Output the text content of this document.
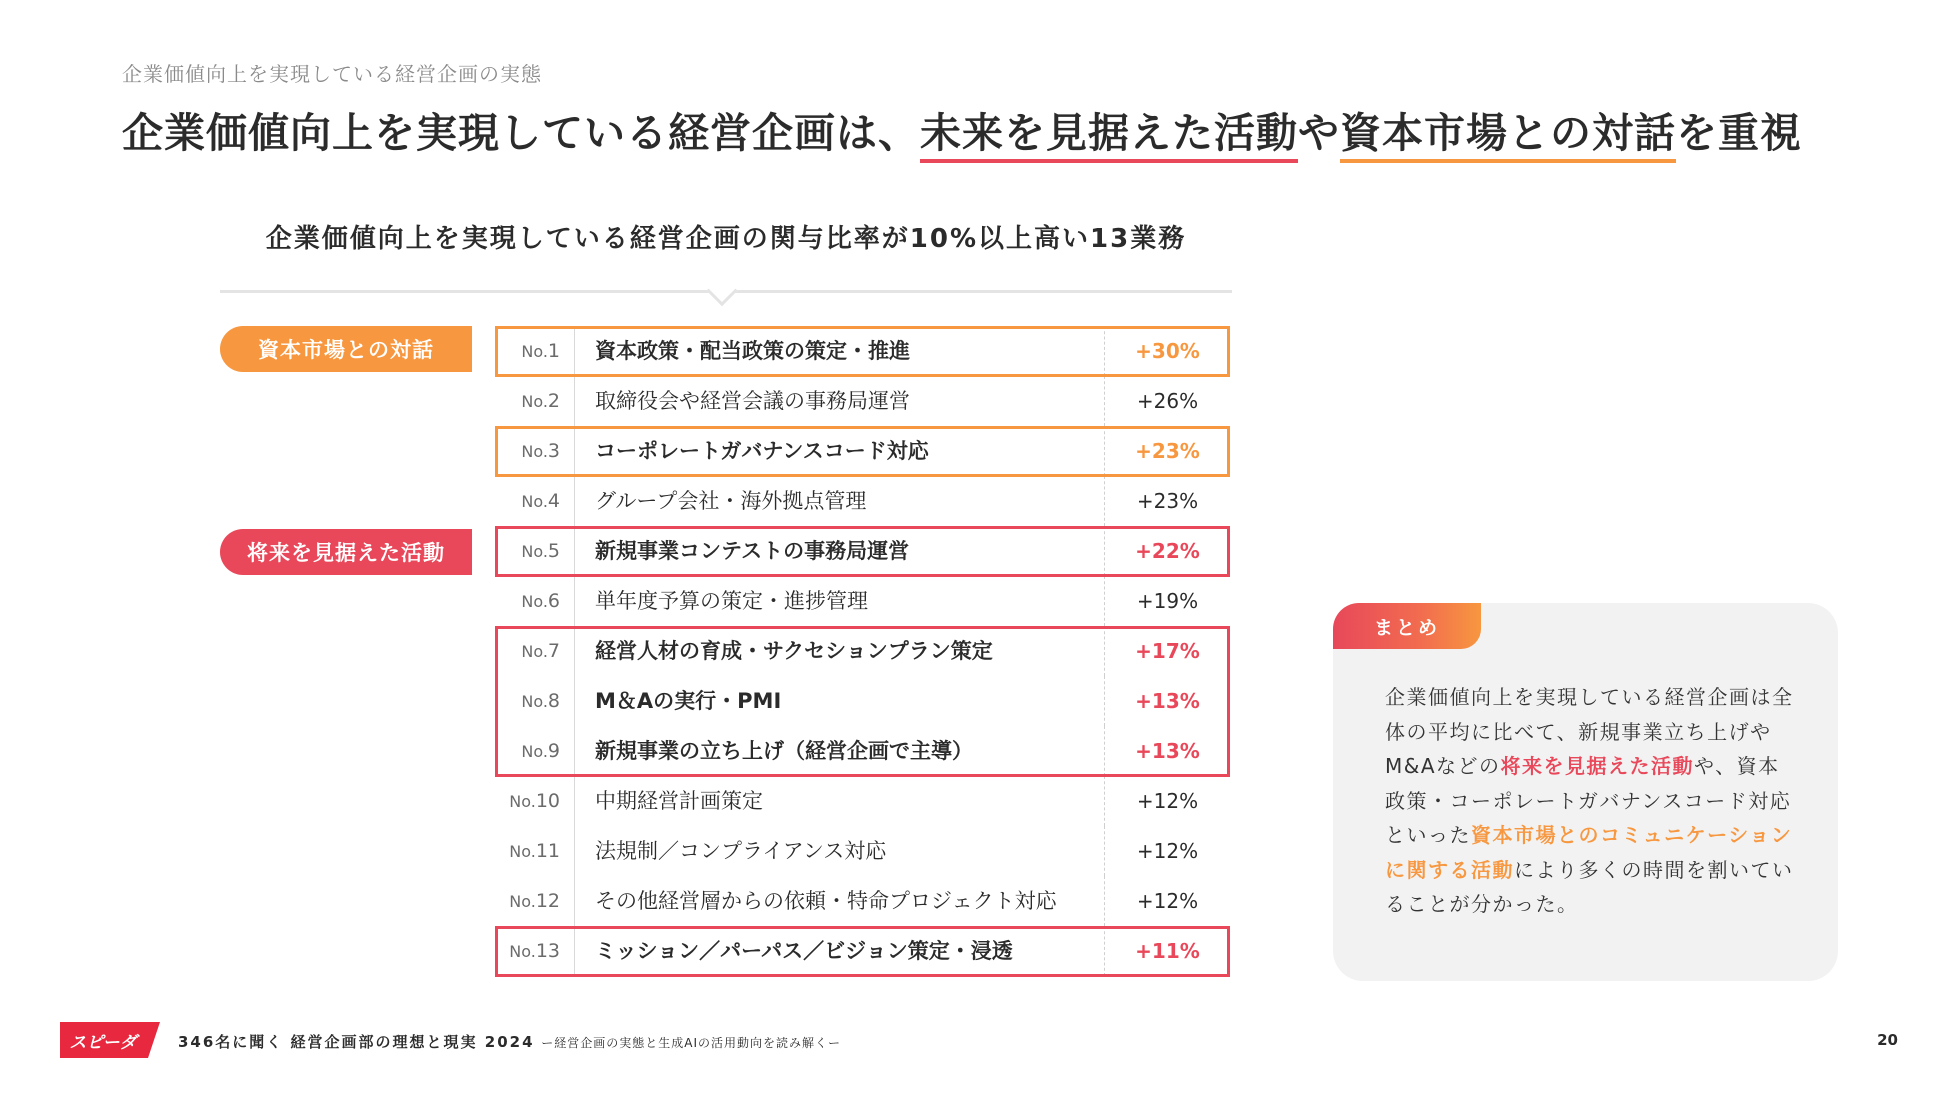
企業価値向上を実現している経営企画の実態
企業価値向上を実現している経営企画は、未来を見据えた活動や資本市場との対話を重視
企業価値向上を実現している経営企画の関与比率が10%以上高い13業務
資本市場との対話
将来を見据えた活動
No.1	資本政策・配当政策の策定・推進	+30%
No.2	取締役会や経営会議の事務局運営	+26%
No.3	コーポレートガバナンスコード対応	+23%
No.4	グループ会社・海外拠点管理	+23%
No.5	新規事業コンテストの事務局運営	+22%
No.6	単年度予算の策定・進捗管理	+19%
No.7	経営人材の育成・サクセションプラン策定	+17%
No.8	M＆Aの実行・PMI	+13%
No.9	新規事業の立ち上げ（経営企画で主導）	+13%
No.10	中期経営計画策定	+12%
No.11	法規制／コンプライアンス対応	+12%
No.12	その他経営層からの依頼・特命プロジェクト対応	+12%
No.13	ミッション／パーパス／ビジョン策定・浸透	+11%
まとめ

企業価値向上を実現している経営企画は全体の平均に比べて、新規事業立ち上げやM&Aなどの将来を見据えた活動や、資本政策・コーポレートガバナンスコード対応といった資本市場とのコミュニケーションに関する活動により多くの時間を割いていることが分かった。

スピーダ	346名に聞く 経営企画部の理想と現実 2024 ー経営企画の実態と生成AIの活用動向を読み解くー	20
